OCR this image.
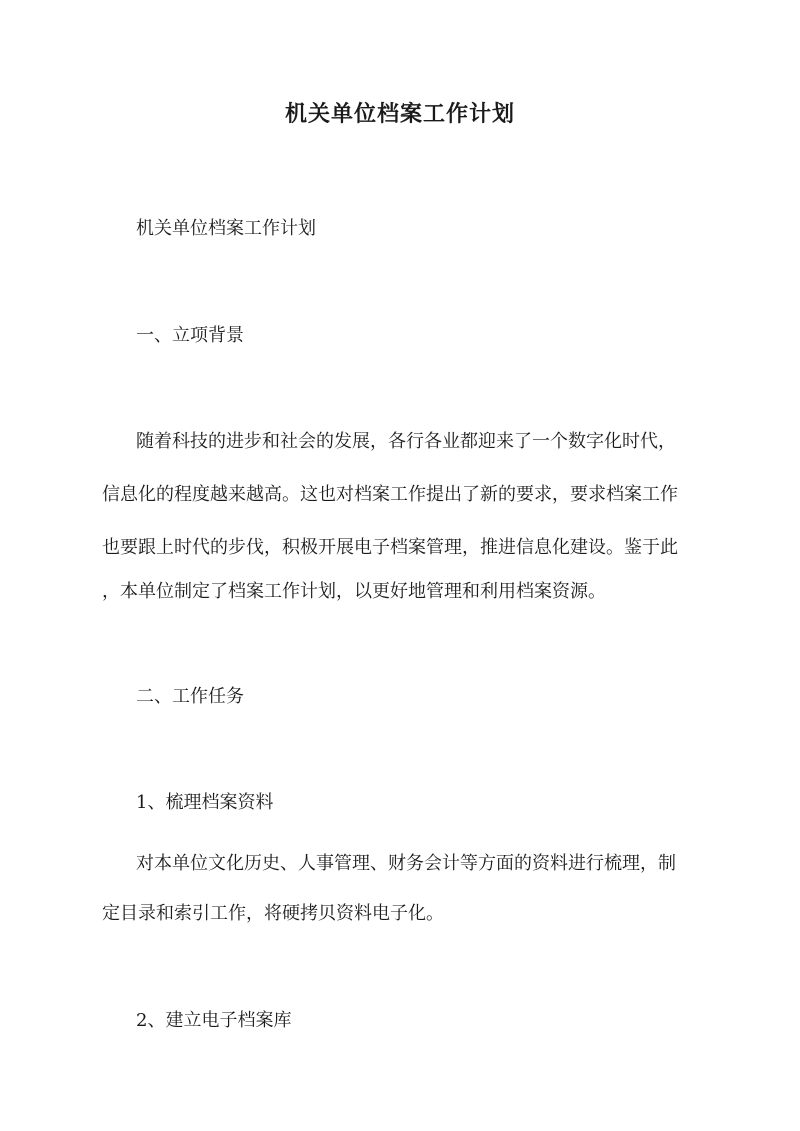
机关单位档案工作计划
机关单位档案工作计划
一、立项背景
随着科技的进步和社会的发展，各行各业都迎来了一个数字化时代，
信息化的程度越来越高。这也对档案工作提出了新的要求，要求档案工作
也要跟上时代的步伐，积极开展电子档案管理，推进信息化建设。鉴于此
，本单位制定了档案工作计划，以更好地管理和利用档案资源。
二、工作任务
1、梳理档案资料
对本单位文化历史、人事管理、财务会计等方面的资料进行梳理，制
定目录和索引工作，将硬拷贝资料电子化。
2、建立电子档案库
